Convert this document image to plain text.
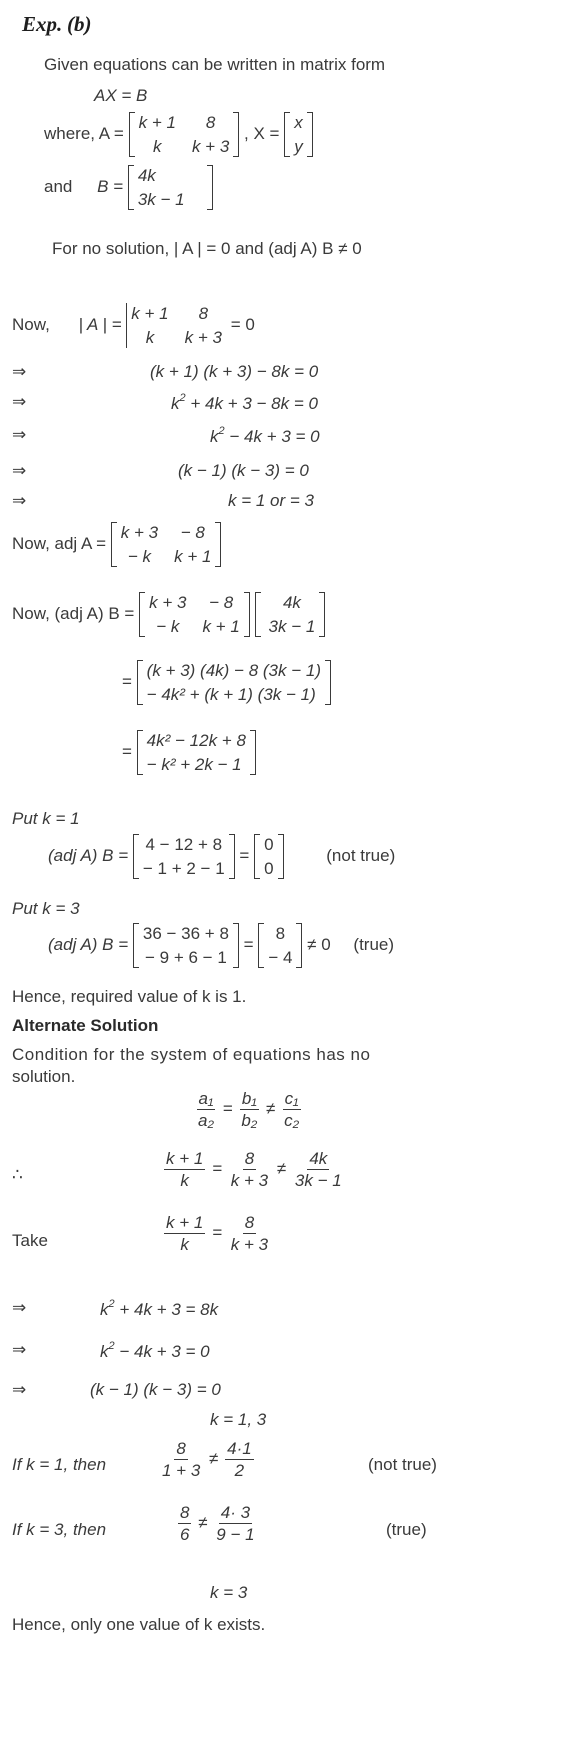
Exp. (b)
Given equations can be written in matrix form
AX = B
where, A =
k + 1	8
k	k + 3
, X =
x
y
and B =
4k
3k − 1
For no solution, | A | = 0 and (adj A) B ≠ 0
Now, | A | =
k + 1	8
k	k + 3
= 0
⇒	(k + 1) (k + 3) − 8k = 0
⇒	$k^2 + 4k + 3 - 8k = 0$
⇒	$k^2 - 4k + 3 = 0$
⇒	(k − 1) (k − 3) = 0
⇒	k = 1 or = 3
Now, adj A =
k + 3	− 8
− k	k + 1
Now, (adj A) B =
k + 3	− 8
− k	k + 1

4k
3k − 1
=
(k + 3) (4k) − 8 (3k − 1)
− 4k² + (k + 1) (3k − 1)
=
4k² − 12k + 8
− k² + 2k − 1
Put k = 1
(adj A) B =
4 − 12 + 8
− 1 + 2 − 1
=
0
0
(not true)
Put k = 3
(adj A) B =
36 − 36 + 8
− 9 + 6 − 1
=
8
− 4
≠ 0 (true)
Hence, required value of k is 1.
Alternate Solution
Condition for the system of equations has no
solution.
$\frac{\text{a₁}}{\text{a₂}} = \frac{\text{b₁}}{\text{b₂}} \ne \frac{\text{c₁}}{\text{c₂}}$
∴	$\frac{k + 1}{k} = \frac{8}{k + 3} \ne \frac{4k}{3k - 1}$
Take	$\frac{k + 1}{k} = \frac{8}{k + 3}$
⇒	$k^2 + 4k + 3 = 8k$
⇒	$k^2 - 4k + 3 = 0$
⇒	(k − 1) (k − 3) = 0
k = 1, 3
If k = 1, then	$\frac{8}{1 + 3} \ne \frac{4\cdot 1}{2}$	(not true)
If k = 3, then	$\frac{8}{6} \ne \frac{4\cdot 3}{9 - 1}$	(true)
k = 3
Hence, only one value of k exists.
